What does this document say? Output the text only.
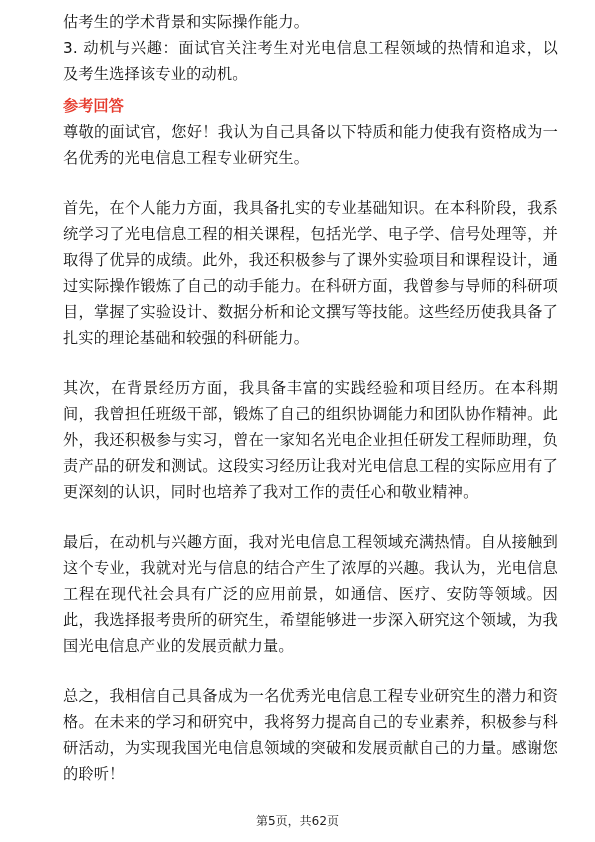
估考生的学术背景和实际操作能力。

3. 动机与兴趣：面试官关注考生对光电信息工程领域的热情和追求，以及考生选择该专业的动机。

参考回答

尊敬的面试官，您好！我认为自己具备以下特质和能力使我有资格成为一名优秀的光电信息工程专业研究生。

首先，在个人能力方面，我具备扎实的专业基础知识。在本科阶段，我系统学习了光电信息工程的相关课程，包括光学、电子学、信号处理等，并取得了优异的成绩。此外，我还积极参与了课外实验项目和课程设计，通过实际操作锻炼了自己的动手能力。在科研方面，我曾参与导师的科研项目，掌握了实验设计、数据分析和论文撰写等技能。这些经历使我具备了扎实的理论基础和较强的科研能力。

其次，在背景经历方面，我具备丰富的实践经验和项目经历。在本科期间，我曾担任班级干部，锻炼了自己的组织协调能力和团队协作精神。此外，我还积极参与实习，曾在一家知名光电企业担任研发工程师助理，负责产品的研发和测试。这段实习经历让我对光电信息工程的实际应用有了更深刻的认识，同时也培养了我对工作的责任心和敬业精神。

最后，在动机与兴趣方面，我对光电信息工程领域充满热情。自从接触到这个专业，我就对光与信息的结合产生了浓厚的兴趣。我认为，光电信息工程在现代社会具有广泛的应用前景，如通信、医疗、安防等领域。因此，我选择报考贵所的研究生，希望能够进一步深入研究这个领域，为我国光电信息产业的发展贡献力量。

总之，我相信自己具备成为一名优秀光电信息工程专业研究生的潜力和资格。在未来的学习和研究中，我将努力提高自己的专业素养，积极参与科研活动，为实现我国光电信息领域的突破和发展贡献自己的力量。感谢您的聆听！

第5页，共62页
